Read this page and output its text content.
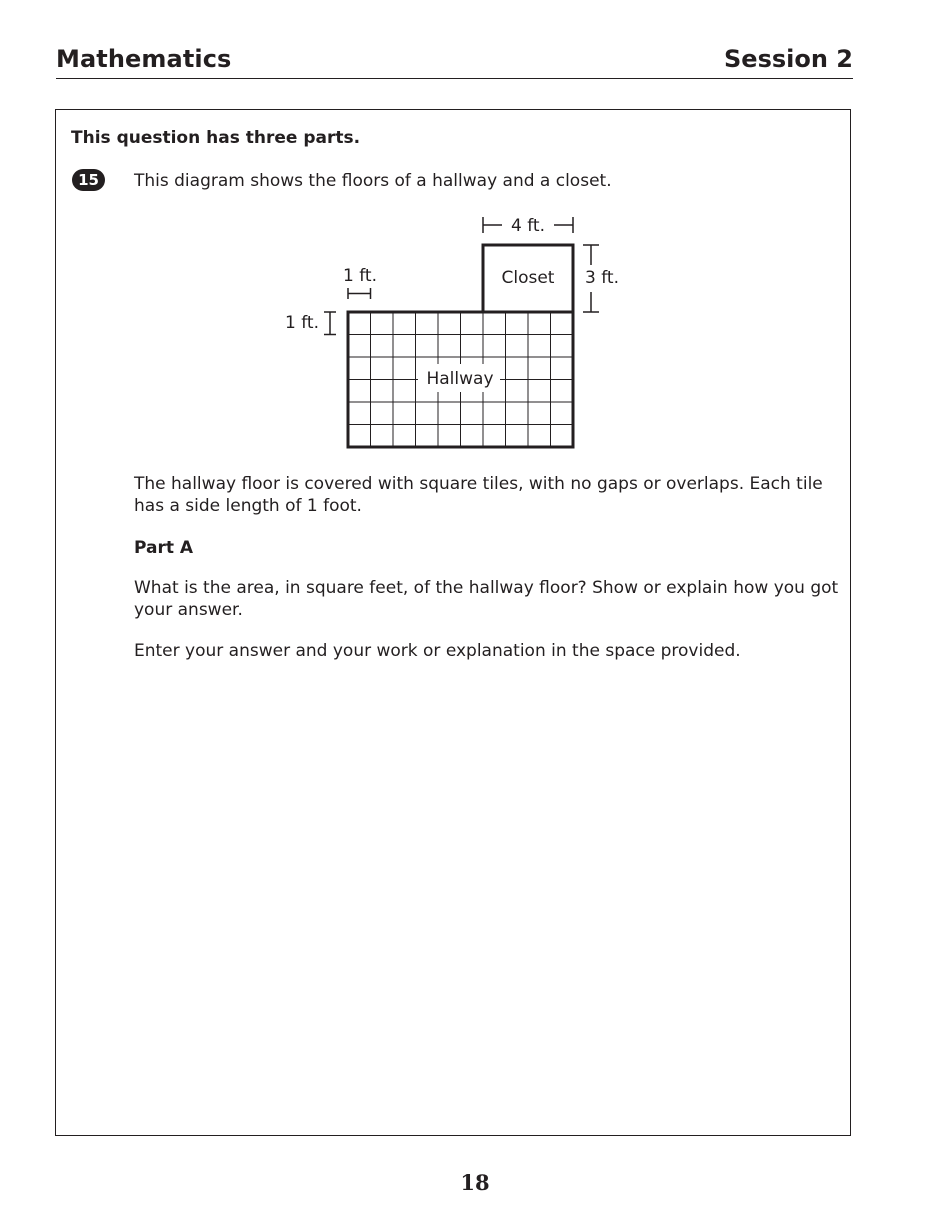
Mathematics	Session 2
This question has three parts.
15	This diagram shows the floors of a hallway and a closet.
Hallway
Closet
4 ft.
3 ft.
1 ft.
1 ft.
The hallway floor is covered with square tiles, with no gaps or overlaps. Each tile has a side length of 1 foot.
Part A
What is the area, in square feet, of the hallway floor? Show or explain how you got your answer.
Enter your answer and your work or explanation in the space provided.
18
